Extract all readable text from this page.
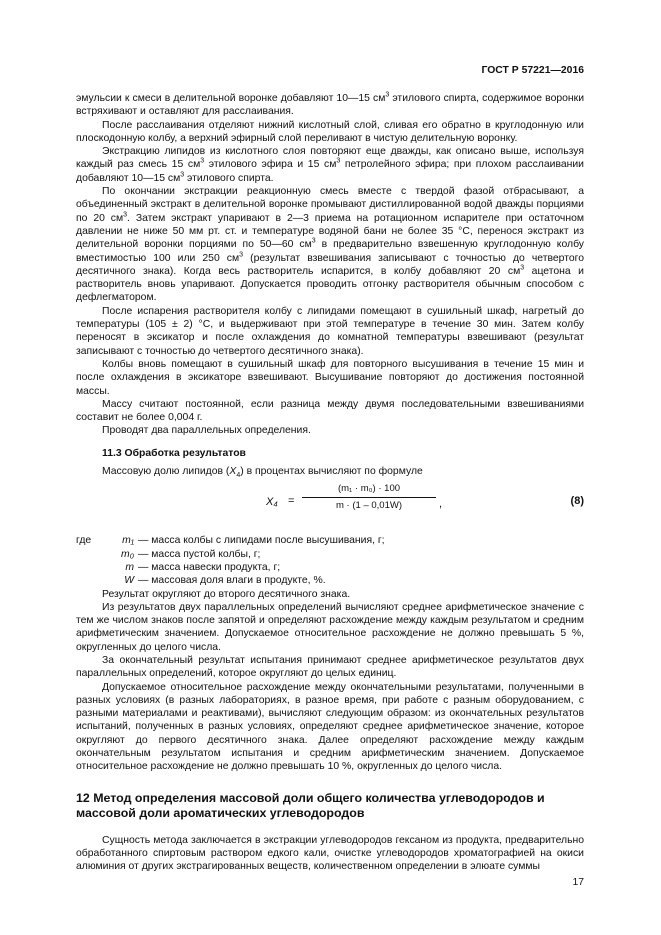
ГОСТ Р 57221—2016

эмульсии к смеси в делительной воронке добавляют 10—15 $см^3$ этилового спирта, содержимое воронки встряхивают и оставляют для расслаивания.

После расслаивания отделяют нижний кислотный слой, сливая его обратно в круглодонную или плоскодонную колбу, а верхний эфирный слой переливают в чистую делительную воронку.

Экстракцию липидов из кислотного слоя повторяют еще дважды, как описано выше, используя каждый раз смесь 15 $см^3$ этилового эфира и 15 $см^3$ петролейного эфира; при плохом расслаивании добавляют 10—15 $см^3$ этилового спирта.

По окончании экстракции реакционную смесь вместе с твердой фазой отбрасывают, а объединенный экстракт в делительной воронке промывают дистиллированной водой дважды порциями по 20 $см^3$. Затем экстракт упаривают в 2—3 приема на ротационном испарителе при остаточном давлении не ниже 50 мм рт. ст. и температуре водяной бани не более 35 °С, перенося экстракт из делительной воронки порциями по 50—60 $см^3$ в предварительно взвешенную круглодонную колбу вместимостью 100 или 250 $см^3$ (результат взвешивания записывают с точностью до четвертого десятичного знака). Когда весь растворитель испарится, в колбу добавляют 20 $см^3$ ацетона и растворитель вновь упаривают. Допускается проводить отгонку растворителя обычным способом с дефлегматором.

После испарения растворителя колбу с липидами помещают в сушильный шкаф, нагретый до температуры (105 ± 2) °С, и выдерживают при этой температуре в течение 30 мин. Затем колбу переносят в эксикатор и после охлаждения до комнатной температуры взвешивают (результат записывают с точностью до четвертого десятичного знака).

Колбы вновь помещают в сушильный шкаф для повторного высушивания в течение 15 мин и после охлаждения в эксикаторе взвешивают. Высушивание повторяют до достижения постоянной массы.

Массу считают постоянной, если разница между двумя последовательными взвешиваниями составит не более 0,004 г.

Проводят два параллельных определения.

11.3 Обработка результатов

Массовую долю липидов $(X_4)$ в процентах вычисляют по формуле

X₄ =
(m₁ · m₀) · 100
m · (1 – 0,01W)	,	(8)
где	m₁ — масса колбы с липидами после высушивания, г;
m₀ — масса пустой колбы, г;
m — масса навески продукта, г;
W — массовая доля влаги в продукте, %.

Результат округляют до второго десятичного знака.

Из результатов двух параллельных определений вычисляют среднее арифметическое значение с тем же числом знаков после запятой и определяют расхождение между каждым результатом и средним арифметическим значением. Допускаемое относительное расхождение не должно превышать 5 %, округленных до целого числа.

За окончательный результат испытания принимают среднее арифметическое результатов двух параллельных определений, которое округляют до целых единиц.

Допускаемое относительное расхождение между окончательными результатами, полученными в разных условиях (в разных лабораториях, в разное время, при работе с разным оборудованием, с разными материалами и реактивами), вычисляют следующим образом: из окончательных результатов испытаний, полученных в разных условиях, определяют среднее арифметическое значение, которое округляют до первого десятичного знака. Далее определяют расхождение между каждым окончательным результатом испытания и средним арифметическим значением. Допускаемое относительное расхождение не должно превышать 10 %, округленных до целого числа.

12 Метод определения массовой доли общего количества углеводородов и массовой доли ароматических углеводородов

Сущность метода заключается в экстракции углеводородов гексаном из продукта, предварительно обработанного спиртовым раствором едкого кали, очистке углеводородов хроматографией на окиси алюминия от других экстрагированных веществ, количественном определении в элюате суммы

17
